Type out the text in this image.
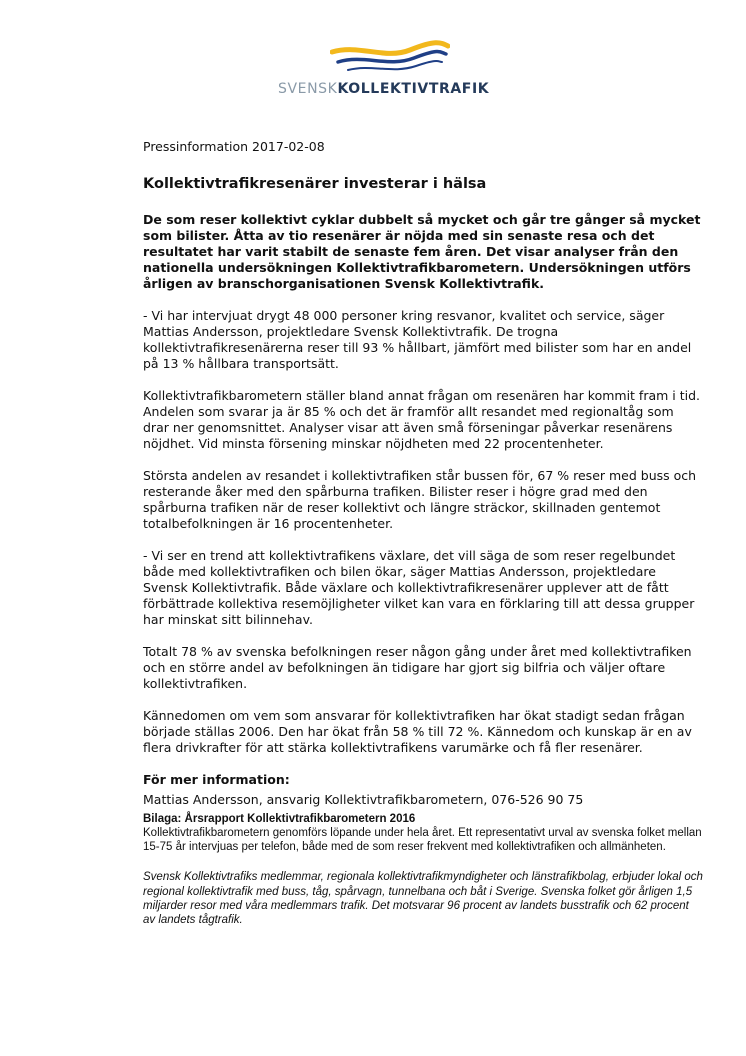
SVENSKKOLLEKTIVTRAFIK

Pressinformation 2017-02-08

Kollektivtrafikresenärer investerar i hälsa

De som reser kollektivt cyklar dubbelt så mycket och går tre gånger så mycket som bilister. Åtta av tio resenärer är nöjda med sin senaste resa och det resultatet har varit stabilt de senaste fem åren. Det visar analyser från den nationella undersökningen Kollektivtrafikbarometern. Undersökningen utförs årligen av branschorganisationen Svensk Kollektivtrafik.

- Vi har intervjuat drygt 48 000 personer kring resvanor, kvalitet och service, säger Mattias Andersson, projektledare Svensk Kollektivtrafik. De trogna kollektivtrafikresenärerna reser till 93 % hållbart, jämfört med bilister som har en andel på 13 % hållbara transportsätt.

Kollektivtrafikbarometern ställer bland annat frågan om resenären har kommit fram i tid. Andelen som svarar ja är 85 % och det är framför allt resandet med regionaltåg som drar ner genomsnittet. Analyser visar att även små förseningar påverkar resenärens nöjdhet. Vid minsta försening minskar nöjdheten med 22 procentenheter.

Största andelen av resandet i kollektivtrafiken står bussen för, 67 % reser med buss och resterande åker med den spårburna trafiken. Bilister reser i högre grad med den spårburna trafiken när de reser kollektivt och längre sträckor, skillnaden gentemot totalbefolkningen är 16 procentenheter.

- Vi ser en trend att kollektivtrafikens växlare, det vill säga de som reser regelbundet både med kollektivtrafiken och bilen ökar, säger Mattias Andersson, projektledare Svensk Kollektivtrafik. Både växlare och kollektivtrafikresenärer upplever att de fått förbättrade kollektiva resemöjligheter vilket kan vara en förklaring till att dessa grupper har minskat sitt bilinnehav.

Totalt 78 % av svenska befolkningen reser någon gång under året med kollektivtrafiken och en större andel av befolkningen än tidigare har gjort sig bilfria och väljer oftare kollektivtrafiken.

Kännedomen om vem som ansvarar för kollektivtrafiken har ökat stadigt sedan frågan började ställas 2006. Den har ökat från 58 % till 72 %. Kännedom och kunskap är en av flera drivkrafter för att stärka kollektivtrafikens varumärke och få fler resenärer.

För mer information:

Mattias Andersson, ansvarig Kollektivtrafikbarometern, 076-526 90 75

Bilaga: Årsrapport Kollektivtrafikbarometern 2016

Kollektivtrafikbarometern genomförs löpande under hela året. Ett representativt urval av svenska folket mellan 15-75 år intervjuas per telefon, både med de som reser frekvent med kollektivtrafiken och allmänheten.

Svensk Kollektivtrafiks medlemmar, regionala kollektivtrafikmyndigheter och länstrafikbolag, erbjuder lokal och regional kollektivtrafik med buss, tåg, spårvagn, tunnelbana och båt i Sverige. Svenska folket gör årligen 1,5 miljarder resor med våra medlemmars trafik. Det motsvarar 96 procent av landets busstrafik och 62 procent av landets tågtrafik.
